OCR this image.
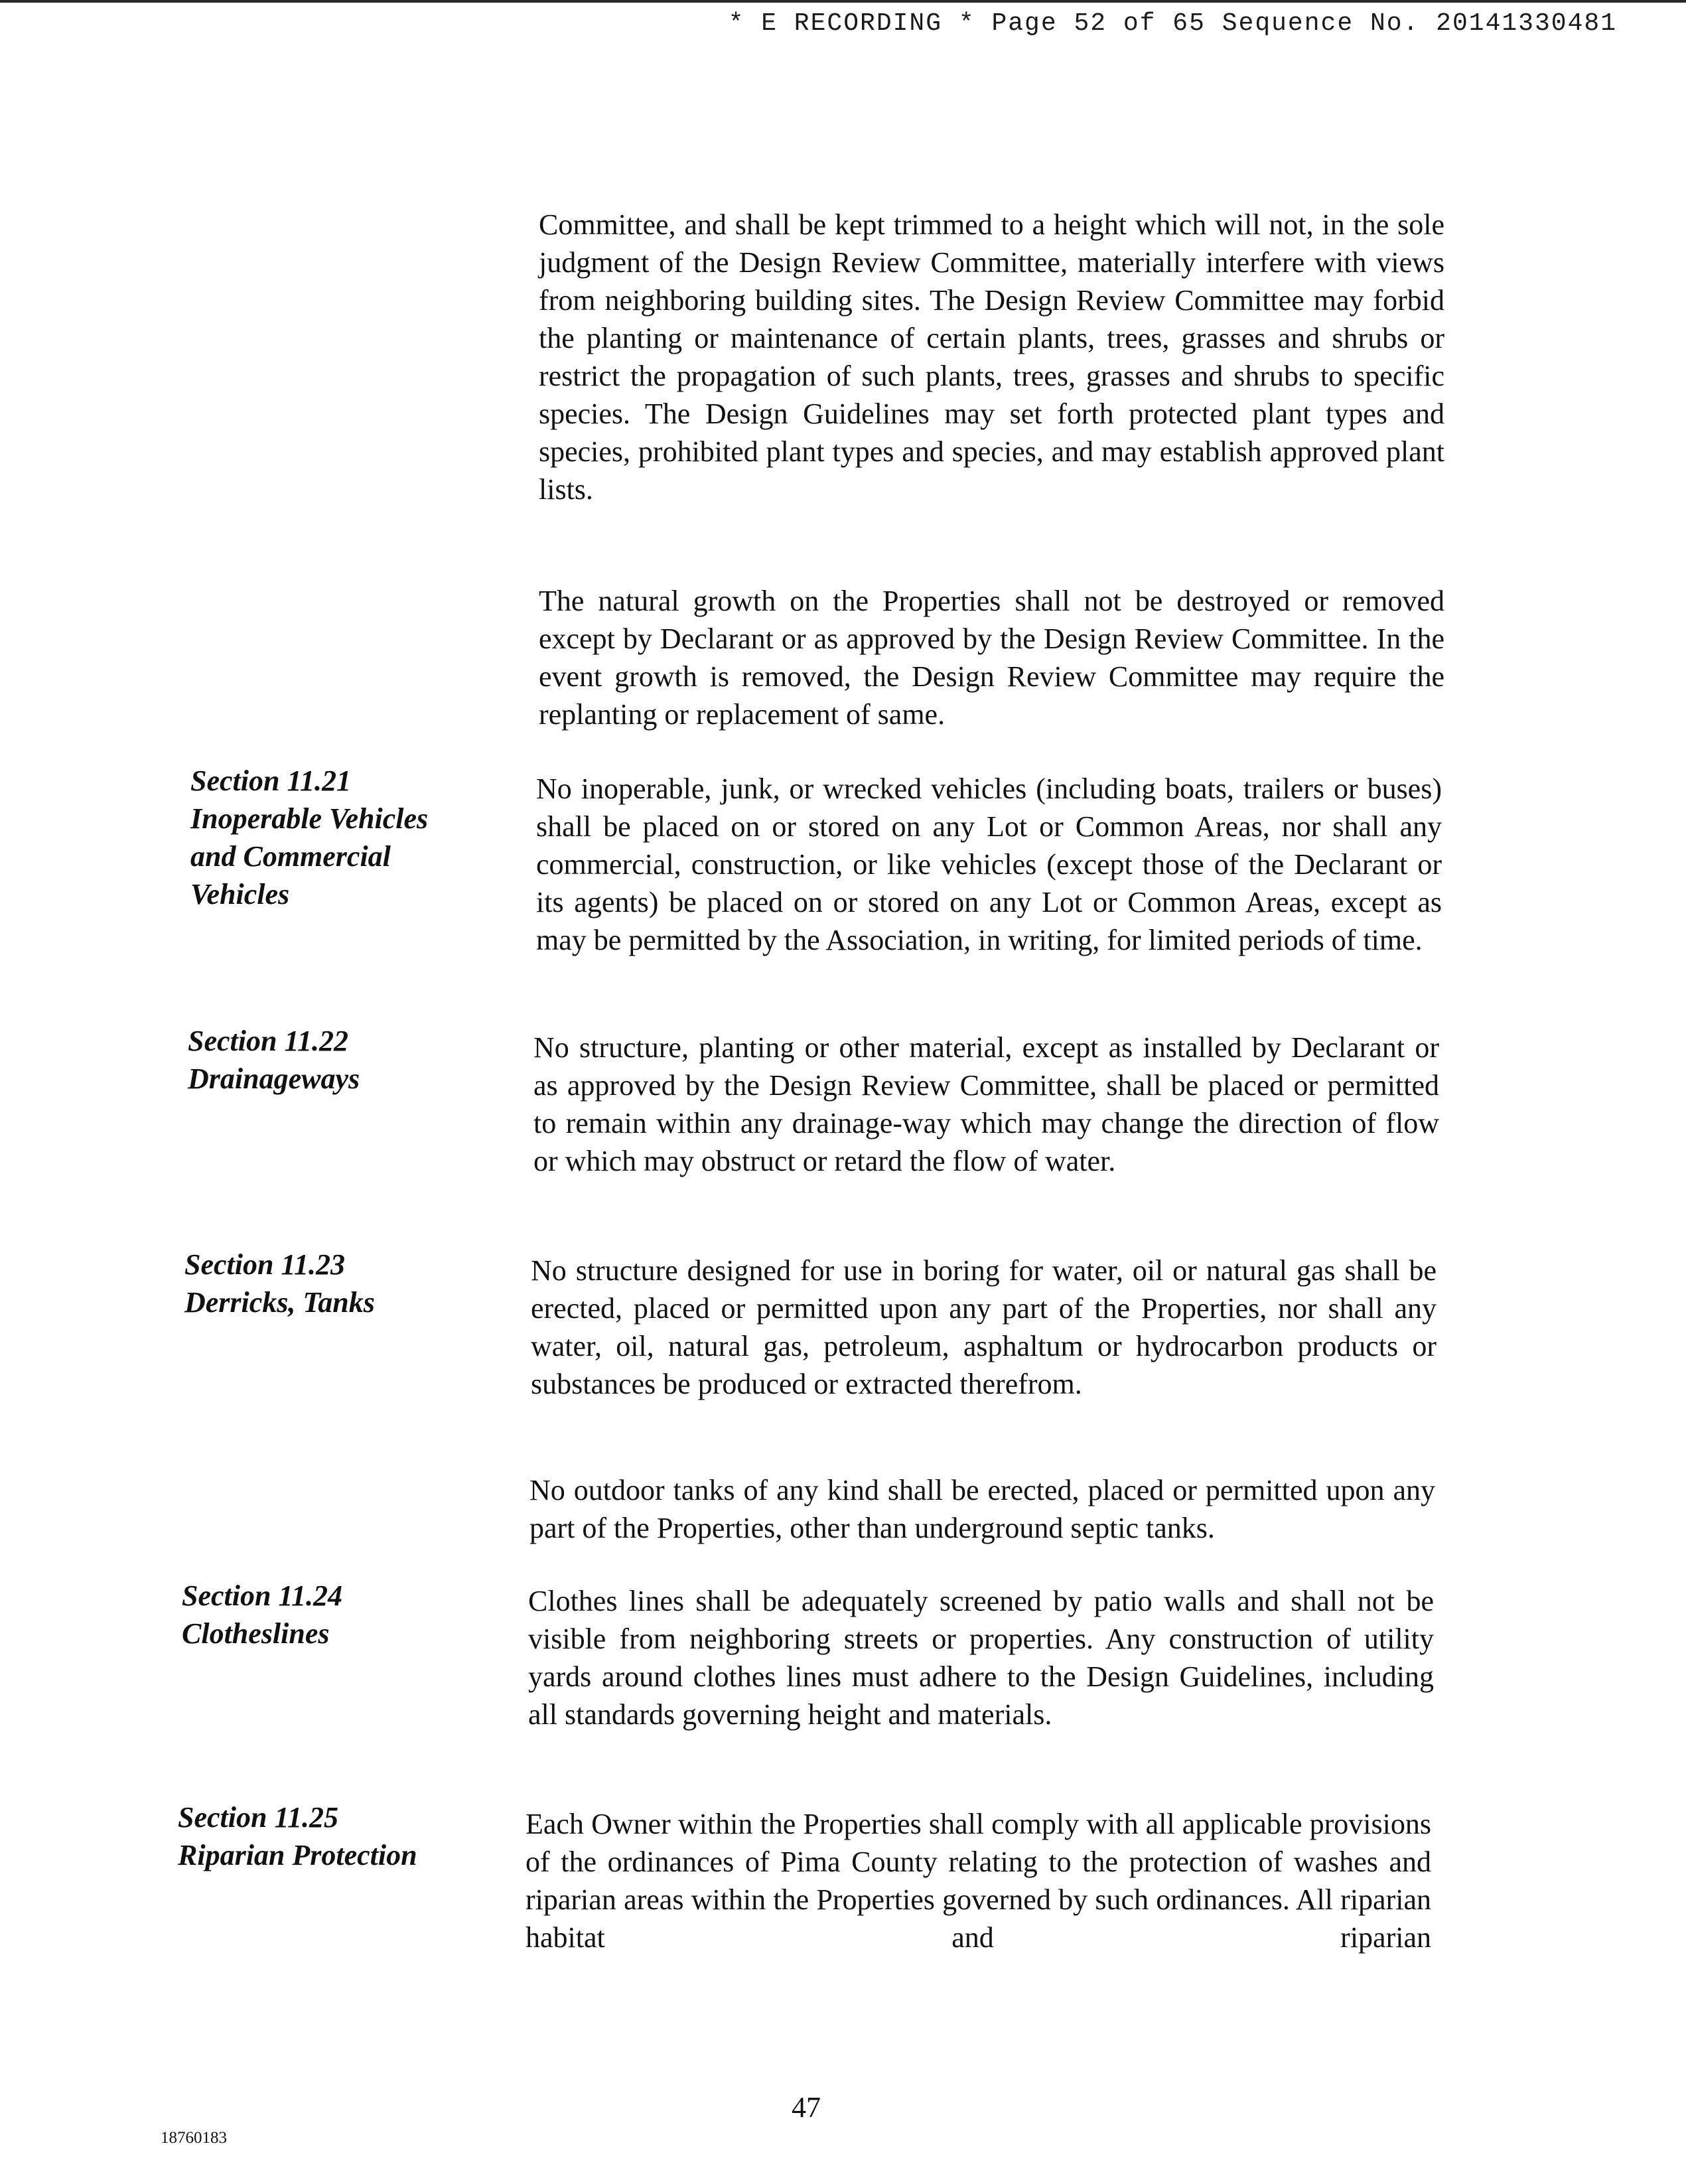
* E RECORDING * Page 52 of 65 Sequence No. 20141330481

Committee, and shall be kept trimmed to a height which will not, in the sole judgment of the Design Review Committee, materially interfere with views from neighboring building sites. The Design Review Committee may forbid the planting or maintenance of certain plants, trees, grasses and shrubs or restrict the propagation of such plants, trees, grasses and shrubs to specific species. The Design Guidelines may set forth protected plant types and species, prohibited plant types and species, and may establish approved plant lists.

The natural growth on the Properties shall not be destroyed or removed except by Declarant or as approved by the Design Review Committee. In the event growth is removed, the Design Review Committee may require the replanting or replacement of same.

Section 11.21
Inoperable Vehicles
and Commercial
Vehicles

No inoperable, junk, or wrecked vehicles (including boats, trailers or buses) shall be placed on or stored on any Lot or Common Areas, nor shall any commercial, construction, or like vehicles (except those of the Declarant or its agents) be placed on or stored on any Lot or Common Areas, except as may be permitted by the Association, in writing, for limited periods of time.

Section 11.22
Drainageways

No structure, planting or other material, except as installed by Declarant or as approved by the Design Review Committee, shall be placed or permitted to remain within any drainage-way which may change the direction of flow or which may obstruct or retard the flow of water.

Section 11.23
Derricks, Tanks

No structure designed for use in boring for water, oil or natural gas shall be erected, placed or permitted upon any part of the Properties, nor shall any water, oil, natural gas, petroleum, asphaltum or hydrocarbon products or substances be produced or extracted therefrom.

No outdoor tanks of any kind shall be erected, placed or permitted upon any part of the Properties, other than underground septic tanks.

Section 11.24
Clotheslines

Clothes lines shall be adequately screened by patio walls and shall not be visible from neighboring streets or properties. Any construction of utility yards around clothes lines must adhere to the Design Guidelines, including all standards governing height and materials.

Section 11.25
Riparian Protection

Each Owner within the Properties shall comply with all applicable provisions of the ordinances of Pima County relating to the protection of washes and riparian areas within the Properties governed by such ordinances. All riparian habitat and riparian

18760183
47
